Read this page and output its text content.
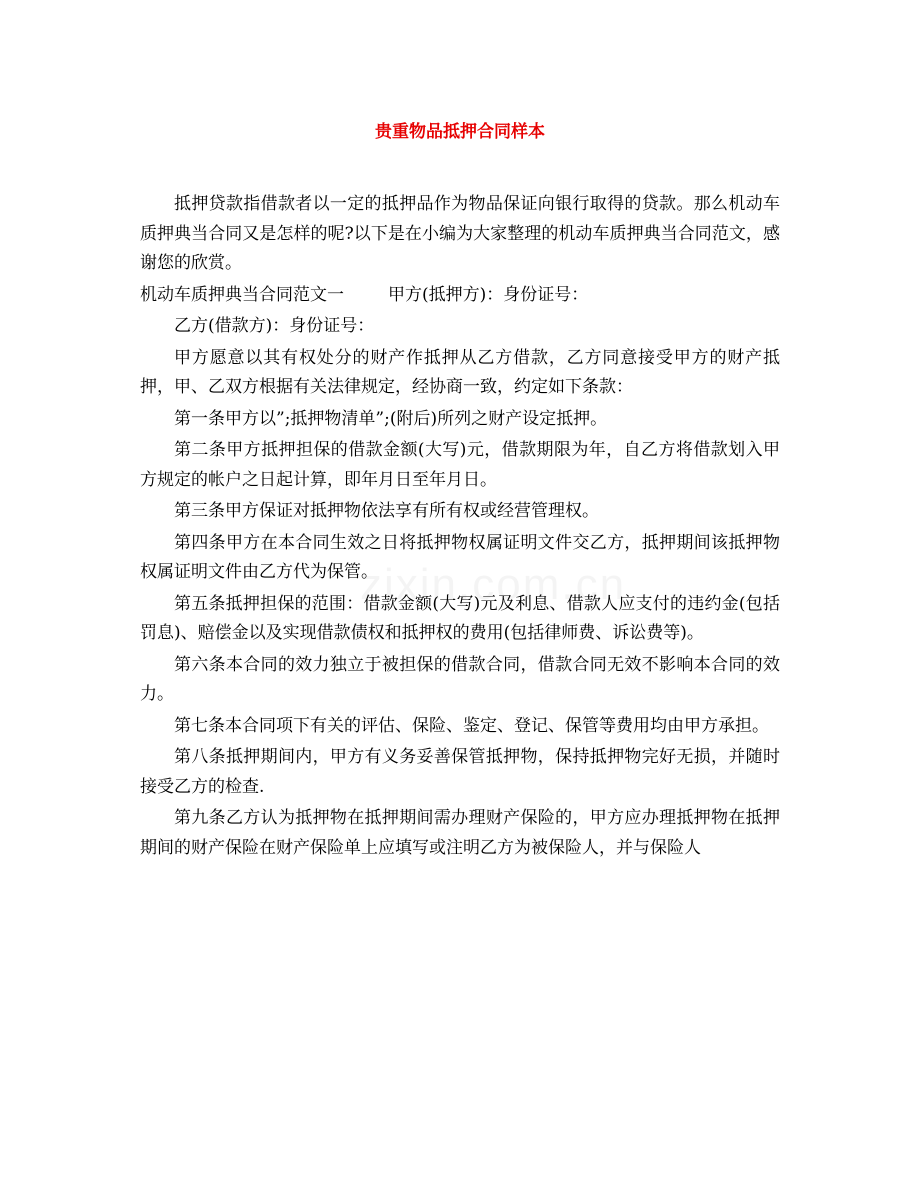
贵重物品抵押合同样本

抵押贷款指借款者以一定的抵押品作为物品保证向银行取得的贷款。那么机动车质押典当合同又是怎样的呢?以下是在小编为大家整理的机动车质押典当合同范文，感谢您的欣赏。

机动车质押典当合同范文一	甲方(抵押方)：身份证号：

乙方(借款方)：身份证号：

甲方愿意以其有权处分的财产作抵押从乙方借款，乙方同意接受甲方的财产抵押，甲、乙双方根据有关法律规定，经协商一致，约定如下条款：

第一条甲方以”;抵押物清单”;(附后)所列之财产设定抵押。

第二条甲方抵押担保的借款金额(大写)元，借款期限为年，自乙方将借款划入甲方规定的帐户之日起计算，即年月日至年月日。

第三条甲方保证对抵押物依法享有所有权或经营管理权。

第四条甲方在本合同生效之日将抵押物权属证明文件交乙方，抵押期间该抵押物权属证明文件由乙方代为保管。

第五条抵押担保的范围：借款金额(大写)元及利息、借款人应支付的违约金(包括罚息)、赔偿金以及实现借款债权和抵押权的费用(包括律师费、诉讼费等)。

第六条本合同的效力独立于被担保的借款合同，借款合同无效不影响本合同的效力。

第七条本合同项下有关的评估、保险、鉴定、登记、保管等费用均由甲方承担。

第八条抵押期间内，甲方有义务妥善保管抵押物，保持抵押物完好无损，并随时接受乙方的检查.

第九条乙方认为抵押物在抵押期间需办理财产保险的，甲方应办理抵押物在抵押期间的财产保险在财产保险单上应填写或注明乙方为被保险人，并与保险人
